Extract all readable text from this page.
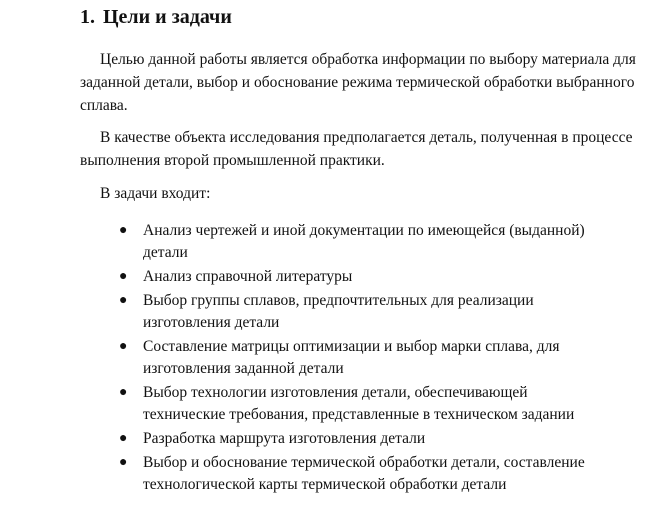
1. Цели и задачи

Целью данной работы является обработка информации по выбору материала для заданной детали, выбор и обоснование режима термической обработки выбранного сплава.

В качестве объекта исследования предполагается деталь, полученная в процессе выполнения второй промышленной практики.

В задачи входит:

● Анализ чертежей и иной документации по имеющейся (выданной) детали
● Анализ справочной литературы
● Выбор группы сплавов, предпочтительных для реализации изготовления детали
● Составление матрицы оптимизации и выбор марки сплава, для изготовления заданной детали
● Выбор технологии изготовления детали, обеспечивающей технические требования, представленные в техническом задании
● Разработка маршрута изготовления детали
● Выбор и обоснование термической обработки детали, составление технологической карты термической обработки детали
